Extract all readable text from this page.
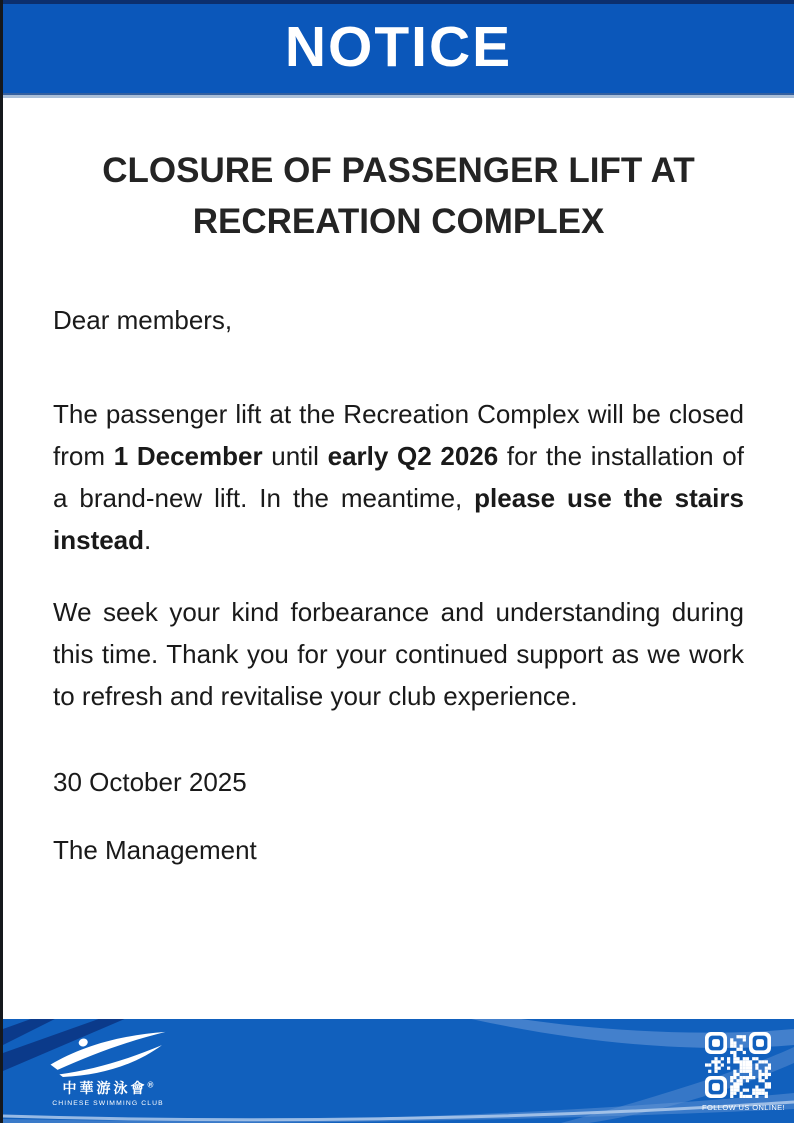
NOTICE
CLOSURE OF PASSENGER LIFT AT
RECREATION COMPLEX

Dear members,

The passenger lift at the Recreation Complex will be closed from 1 December until early Q2 2026 for the installation of a brand-new lift. In the meantime, please use the stairs instead.

We seek your kind forbearance and understanding during this time. Thank you for your continued support as we work to refresh and revitalise your club experience.

30 October 2025

The Management

中華游泳會®
CHINESE SWIMMING CLUB	FOLLOW US ONLINE!
